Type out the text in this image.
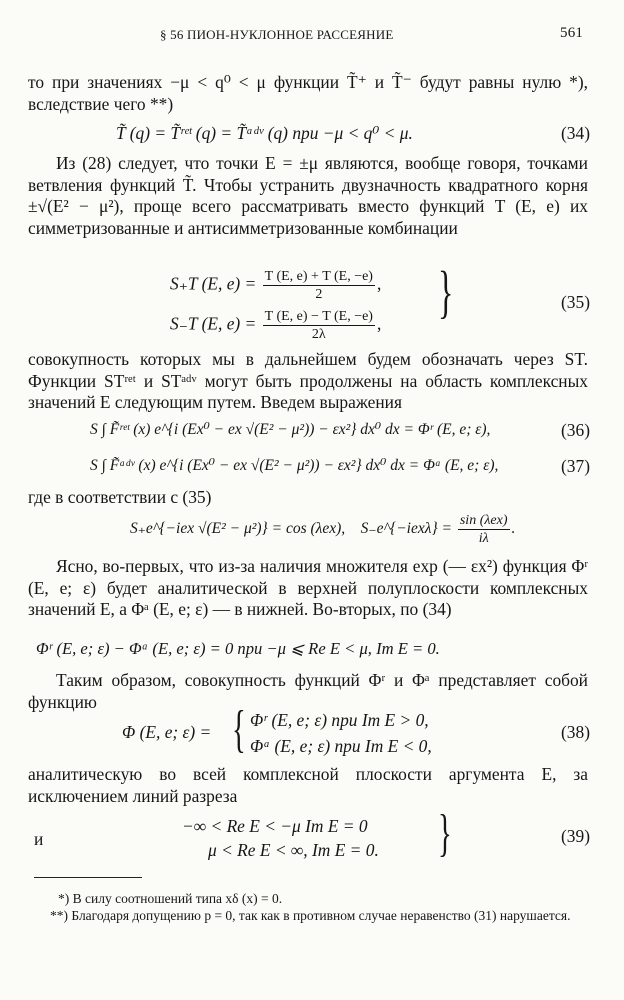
§ 56 ПИОН-НУКЛОННОЕ РАССЕЯНИЕ	561
то при значениях −μ < q⁰ < μ функции T̃⁺ и T̃⁻ будут равны нулю *), вследствие чего **)
T̃ (q) = T̃ʳᵉᵗ (q) = T̃ᵃᵈᵛ (q) при −μ < q⁰ < μ.	(34)
Из (28) следует, что точки E = ±μ являются, вообще говоря, точками ветвления функций T̃. Чтобы устранить двузначность квадратного корня ±√(E² − μ²), проще всего рассматривать вместо функций T (E, e) их симметризованные и антисимметризованные комбинации
S₊T (E, $e) = \frac{T (E, e) + T (E, -e)}{2}$ ,
S₋T (E, $e) = \frac{T (E, e) - T (E, -e)}{2\lambda}$ , }	(35)
совокупность которых мы в дальнейшем будем обозначать через ST. Функции STʳᵉᵗ и STᵃᵈᵛ могут быть продолжены на область комплексных значений E следующим путем. Введем выражения
S ∫ F̃ʳᵉᵗ (x) e^{i (Ex⁰ − ex √(E² − μ²)) − εx²} dx⁰ dx = Φʳ (E, e; ε),	(36)
S ∫ F̃ᵃᵈᵛ (x) e^{i (Ex⁰ − ex √(E² − μ²)) − εx²} dx⁰ dx = Φᵃ (E, e; ε),	(37)
где в соответствии с (35)
S₊e^{−iex √(E² − μ²)} = cos (λex), S₋e^{−iexλ} = $\frac{\text{sin (λex)}}{i\lambda}$ .
Ясно, во-первых, что из-за наличия множителя exp (— εx²) функция Φʳ (E, e; ε) будет аналитической в верхней полуплоскости комплексных значений E, а Φᵃ (E, e; ε) — в нижней. Во-вторых, по (34)
Φʳ (E, e; ε) − Φᵃ (E, e; ε) = 0 при −μ ⩽ Re E < μ, Im E = 0.
Таким образом, совокупность функций Φʳ и Φᵃ представляет собой функцию
Φ (E, e; ε) = { Φʳ (E, e; ε) при Im E > 0,
Φᵃ (E, e; ε) при Im E < 0,
(38)
аналитическую во всей комплексной плоскости аргумента E, за исключением линий разреза
и
−∞ < Re E < −μ Im E = 0
μ < Re E < ∞, Im E = 0. }	(39)
*) В силу соотношений типа xδ (x) = 0.
**) Благодаря допущению p = 0, так как в противном случае неравенство (31) нарушается.
